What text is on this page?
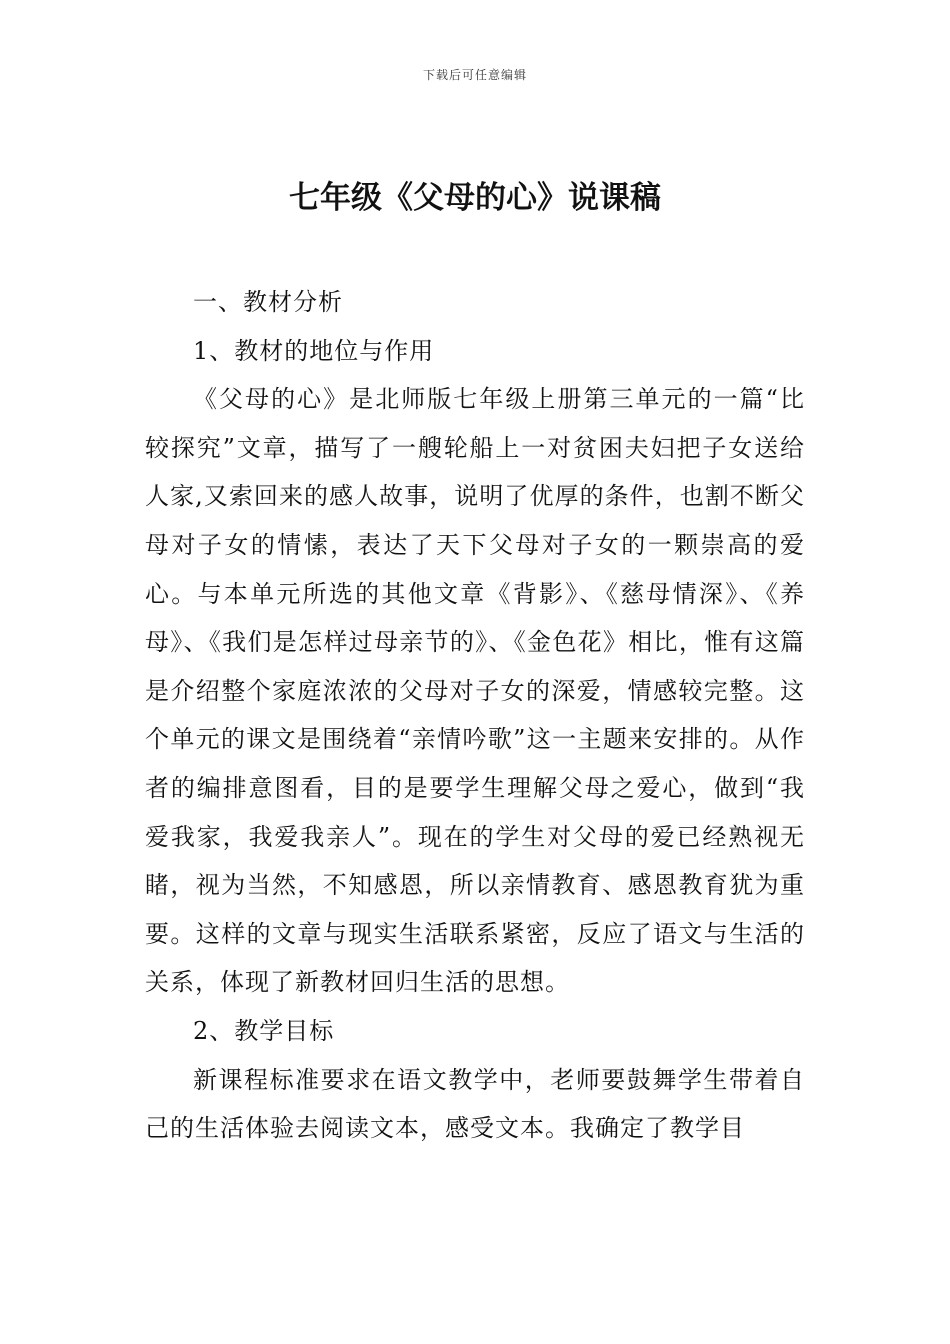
下载后可任意编辑
七年级《父母的心》说课稿

一、教材分析

1、教材的地位与作用

《父母的心》是北师版七年级上册第三单元的一篇“比较探究”文章，描写了一艘轮船上一对贫困夫妇把子女送给人家,又索回来的感人故事，说明了优厚的条件，也割不断父母对子女的情愫，表达了天下父母对子女的一颗崇高的爱心。与本单元所选的其他文章《背影》、《慈母情深》、《养母》、《我们是怎样过母亲节的》、《金色花》相比，惟有这篇是介绍整个家庭浓浓的父母对子女的深爱，情感较完整。这个单元的课文是围绕着“亲情吟歌”这一主题来安排的。从作者的编排意图看，目的是要学生理解父母之爱心，做到“我爱我家，我爱我亲人”。现在的学生对父母的爱已经熟视无睹，视为当然，不知感恩，所以亲情教育、感恩教育犹为重要。这样的文章与现实生活联系紧密，反应了语文与生活的关系，体现了新教材回归生活的思想。

2、教学目标

新课程标准要求在语文教学中，老师要鼓舞学生带着自己的生活体验去阅读文本，感受文本。我确定了教学目
